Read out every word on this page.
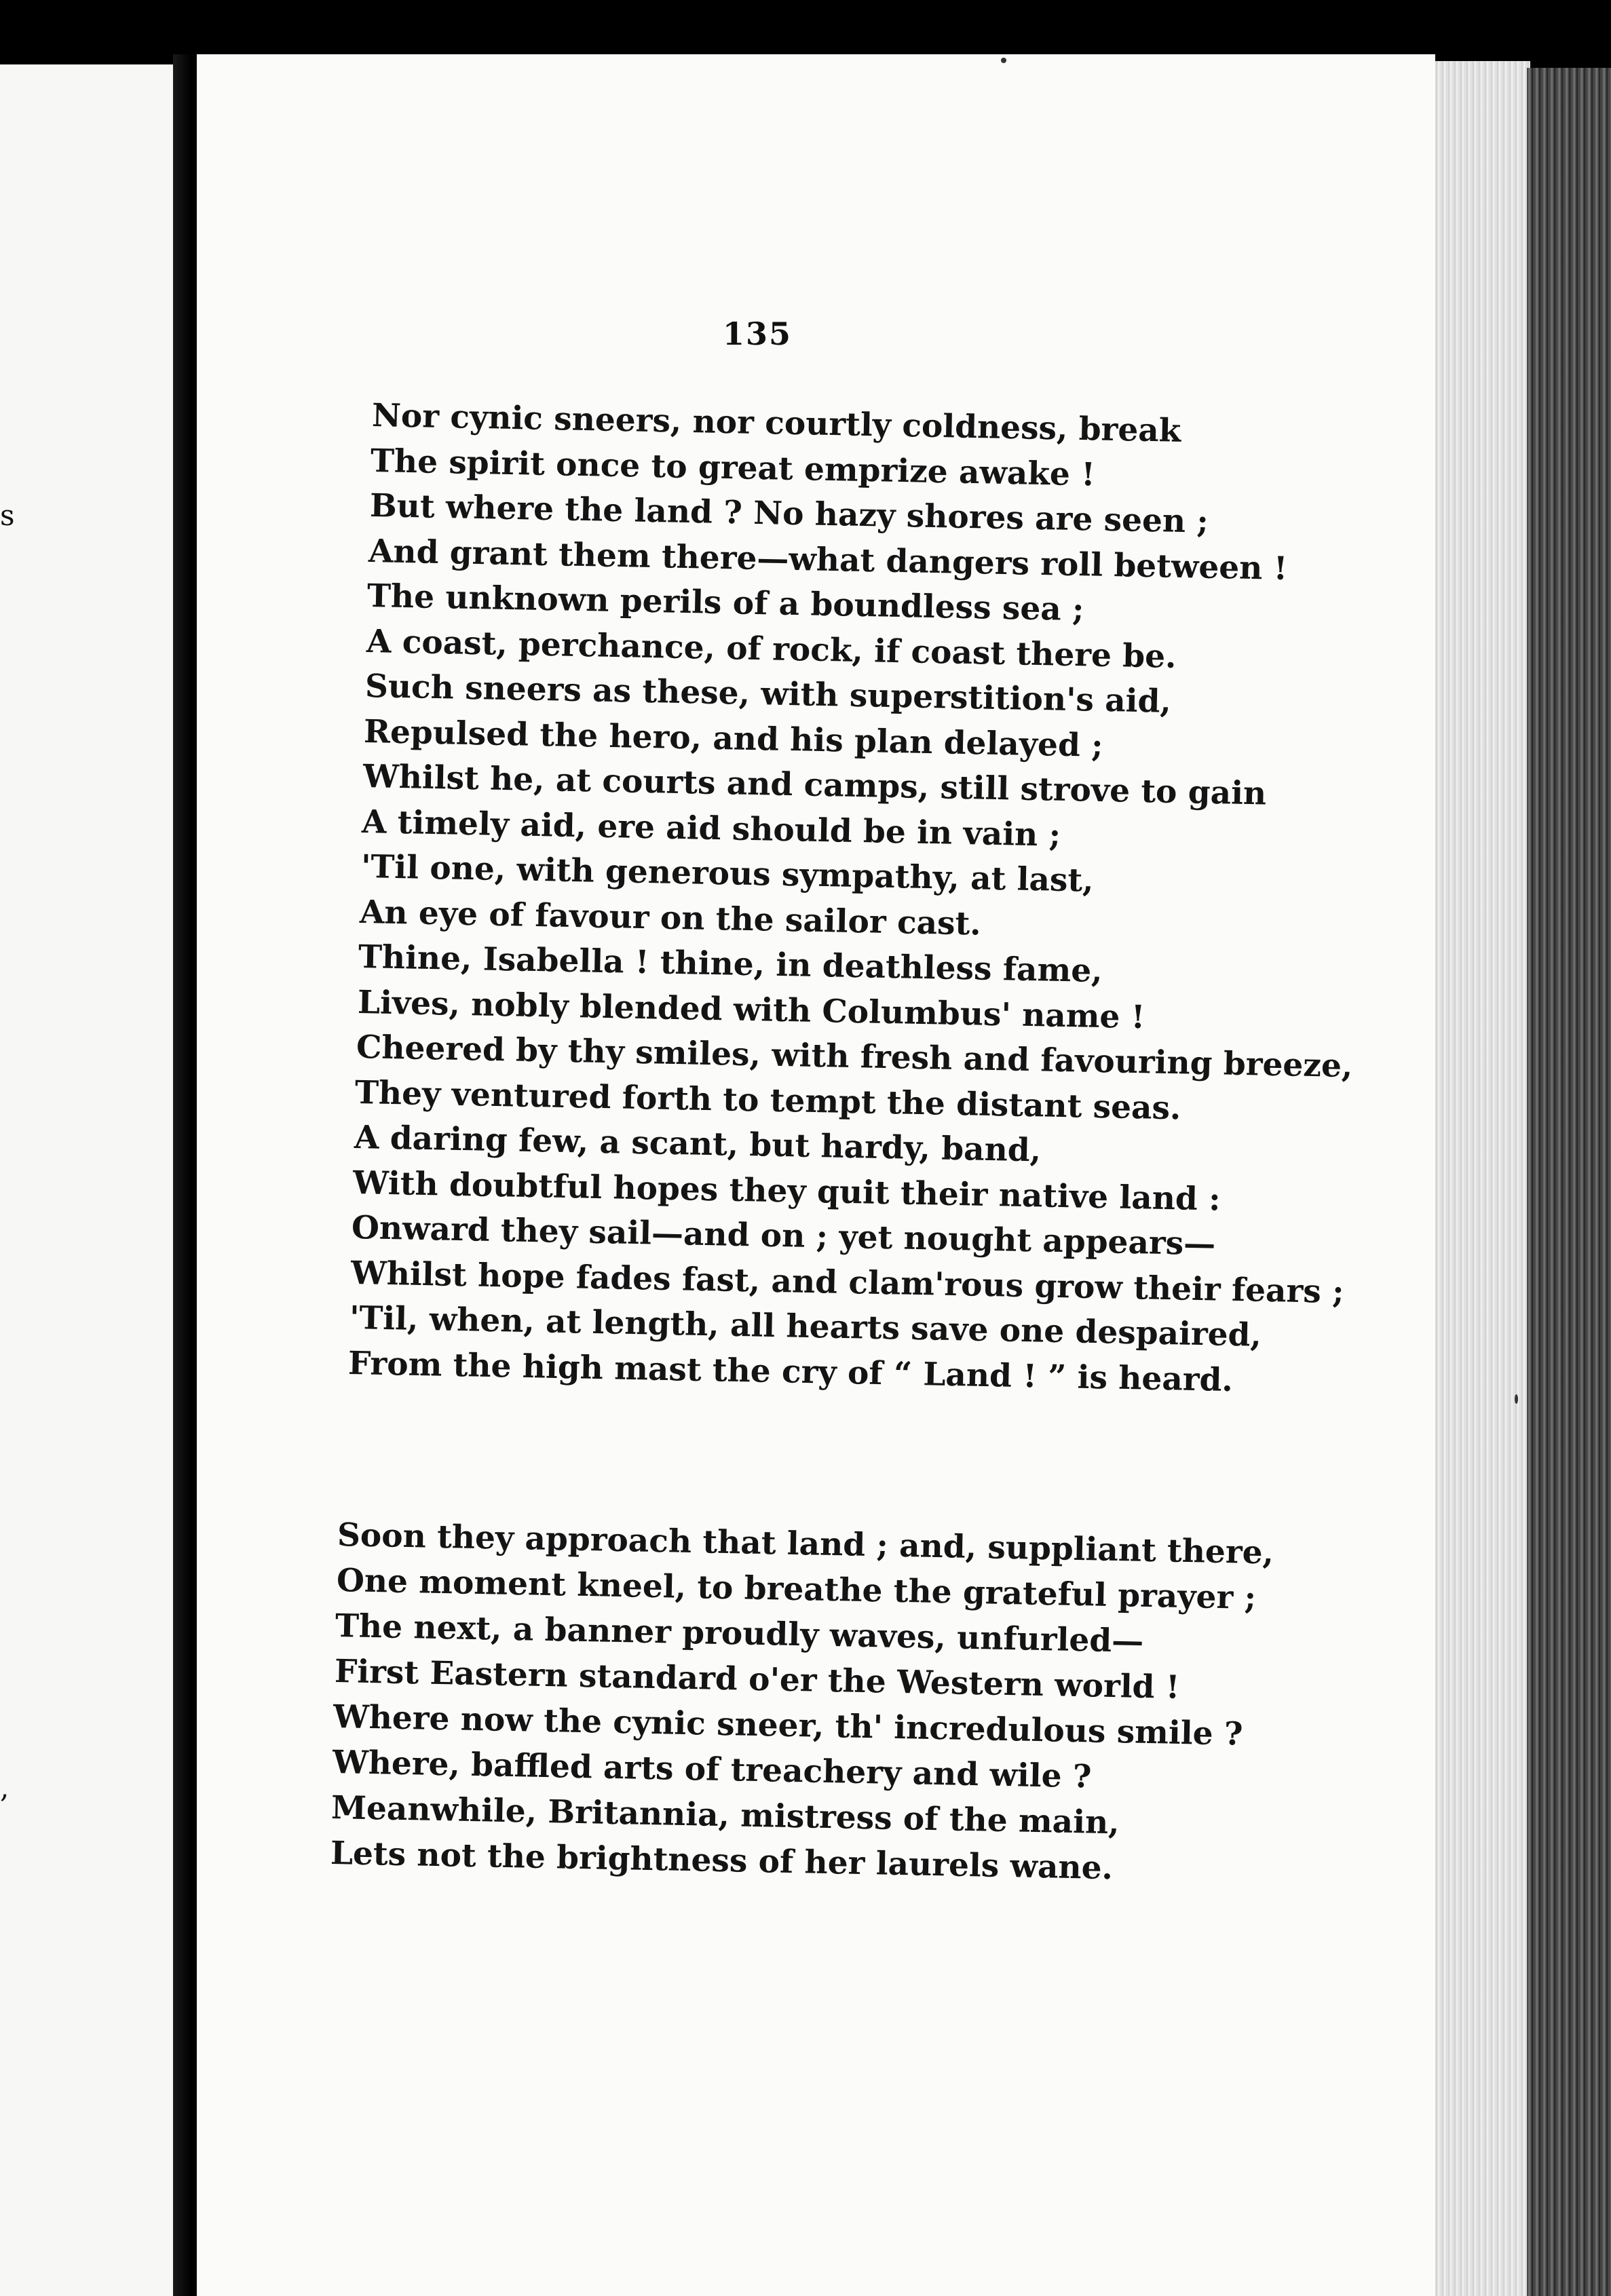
s
,
135
Nor cynic sneers, nor courtly coldness, break
The spirit once to great emprize awake !
But where the land ? No hazy shores are seen ;
And grant them there—what dangers roll between !
The unknown perils of a boundless sea ;
A coast, perchance, of rock, if coast there be.
Such sneers as these, with superstition's aid,
Repulsed the hero, and his plan delayed ;
Whilst he, at courts and camps, still strove to gain
A timely aid, ere aid should be in vain ;
'Til one, with generous sympathy, at last,
An eye of favour on the sailor cast.
Thine, Isabella ! thine, in deathless fame,
Lives, nobly blended with Columbus' name !
Cheered by thy smiles, with fresh and favouring breeze,
They ventured forth to tempt the distant seas.
A daring few, a scant, but hardy, band,
With doubtful hopes they quit their native land :
Onward they sail—and on ; yet nought appears—
Whilst hope fades fast, and clam'rous grow their fears ;
'Til, when, at length, all hearts save one despaired,
From the high mast the cry of “ Land ! ” is heard.
Soon they approach that land ; and, suppliant there,
One moment kneel, to breathe the grateful prayer ;
The next, a banner proudly waves, unfurled—
First Eastern standard o'er the Western world !
Where now the cynic sneer, th' incredulous smile ?
Where, baffled arts of treachery and wile ?
Meanwhile, Britannia, mistress of the main,
Lets not the brightness of her laurels wane.
